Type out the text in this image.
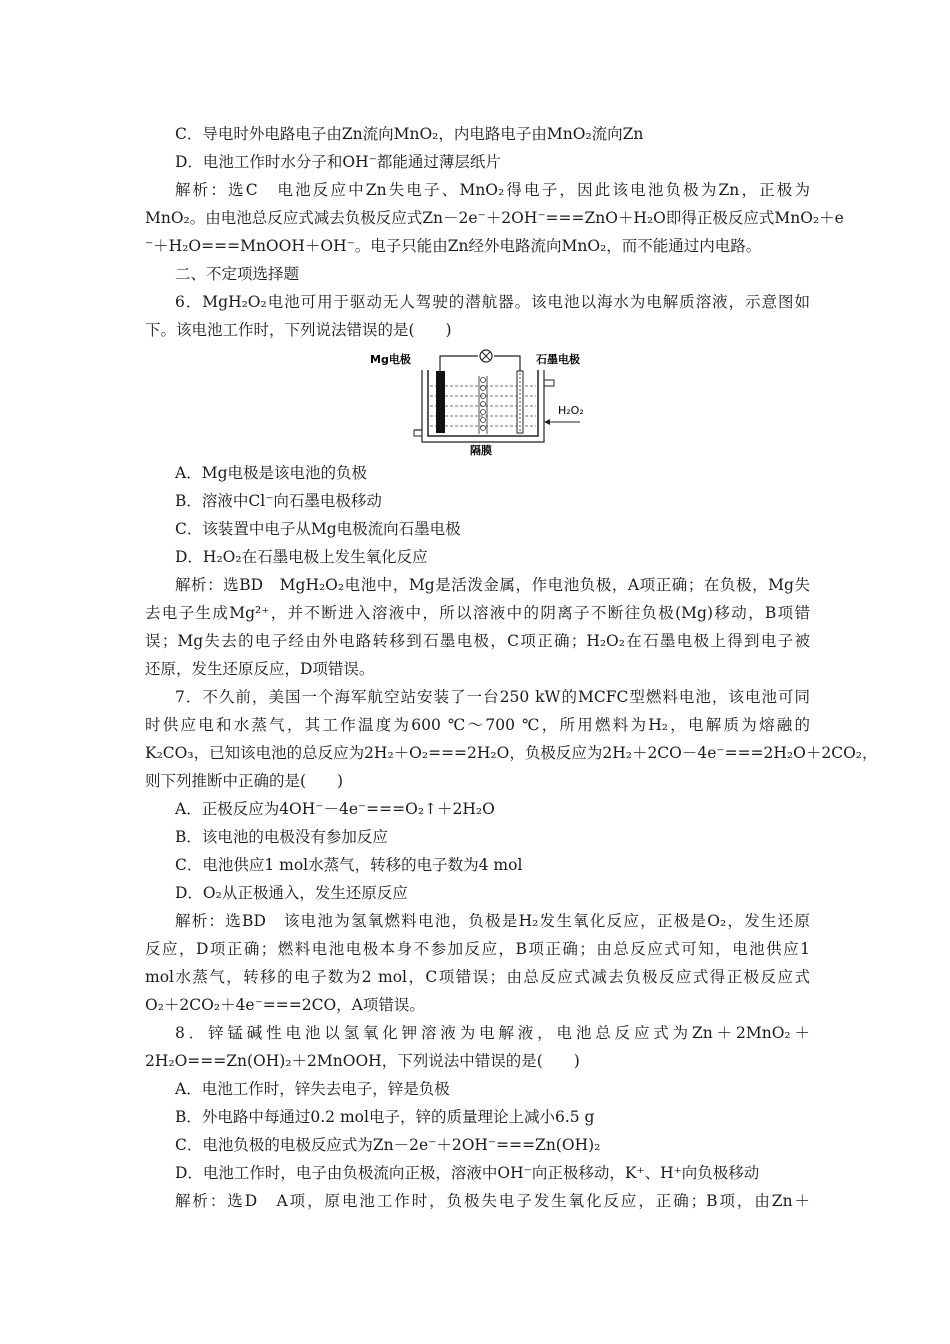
C．导电时外电路电子由Zn流向MnO₂，内电路电子由MnO₂流向Zn
D．电池工作时水分子和OH⁻都能通过薄层纸片
解析：选C　电池反应中Zn失电子、MnO₂得电子，因此该电池负极为Zn，正极为
MnO₂。由电池总反应式减去负极反应式Zn－2e⁻＋2OH⁻===ZnO＋H₂O即得正极反应式MnO₂＋e
⁻＋H₂O===MnOOH＋OH⁻。电子只能由Zn经外电路流向MnO₂，而不能通过内电路。
二、不定项选择题
6．MgH₂O₂电池可用于驱动无人驾驶的潜航器。该电池以海水为电解质溶液，示意图如
下。该电池工作时，下列说法错误的是(　　)
Mg电极	石墨电极
H₂O₂
隔膜
A．Mg电极是该电池的负极
B．溶液中Cl⁻向石墨电极移动
C．该装置中电子从Mg电极流向石墨电极
D．H₂O₂在石墨电极上发生氧化反应
解析：选BD　MgH₂O₂电池中，Mg是活泼金属，作电池负极，A项正确；在负极，Mg失
去电子生成Mg²⁺，并不断进入溶液中，所以溶液中的阴离子不断往负极(Mg)移动，B项错
误；Mg失去的电子经由外电路转移到石墨电极，C项正确；H₂O₂在石墨电极上得到电子被
还原，发生还原反应，D项错误。
7．不久前，美国一个海军航空站安装了一台250 kW的MCFC型燃料电池，该电池可同
时供应电和水蒸气，其工作温度为600 ℃～700 ℃，所用燃料为H₂，电解质为熔融的
K₂CO₃，已知该电池的总反应为2H₂＋O₂===2H₂O，负极反应为2H₂＋2CO－4e⁻===2H₂O＋2CO₂，
则下列推断中正确的是(　　)
A．正极反应为4OH⁻－4e⁻===O₂↑＋2H₂O
B．该电池的电极没有参加反应
C．电池供应1 mol水蒸气，转移的电子数为4 mol
D．O₂从正极通入，发生还原反应
解析：选BD　该电池为氢氧燃料电池，负极是H₂发生氧化反应，正极是O₂，发生还原
反应，D项正确；燃料电池电极本身不参加反应，B项正确；由总反应式可知，电池供应1
mol水蒸气，转移的电子数为2 mol，C项错误；由总反应式减去负极反应式得正极反应式
O₂＋2CO₂＋4e⁻===2CO，A项错误。
8．锌锰碱性电池以氢氧化钾溶液为电解液，电池总反应式为Zn＋2MnO₂＋
2H₂O===Zn(OH)₂＋2MnOOH，下列说法中错误的是(　　)
A．电池工作时，锌失去电子，锌是负极
B．外电路中每通过0.2 mol电子，锌的质量理论上减小6.5 g
C．电池负极的电极反应式为Zn－2e⁻＋2OH⁻===Zn(OH)₂
D．电池工作时，电子由负极流向正极，溶液中OH⁻向正极移动，K⁺、H⁺向负极移动
解析：选D　A项，原电池工作时，负极失电子发生氧化反应，正确；B项，由Zn＋
